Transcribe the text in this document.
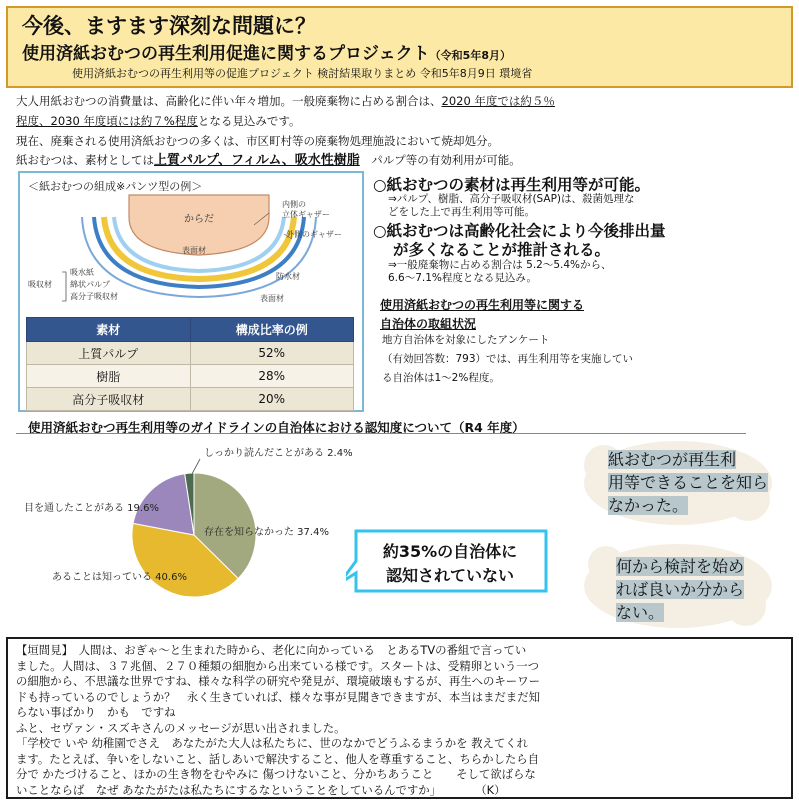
今後、ますます深刻な問題に？
使用済紙おむつの再生利用促進に関するプロジェクト（令和5年8月）
使用済紙おむつの再生利用等の促進プロジェクト 検討結果取りまとめ 令和5年8月9日 環境省
大人用紙おむつの消費量は、高齢化に伴い年々増加。一般廃棄物に占める割合は、2020 年度では約５％
程度、2030 年度頃には約７%程度となる見込みです。
現在、廃棄される使用済紙おむつの多くは、市区町村等の廃棄物処理施設において焼却処分。
紙おむつは、素材としては上質パルプ、フィルム、吸水性樹脂　パルプ等の有効利用が可能。
＜紙おむつの組成※パンツ型の例＞
からだ
内側の
立体ギャザー
外側のギャザー
防水材
表面材
表面材
吸水紙
綿状パルプ
高分子吸収材
吸収材
素材	構成比率の例
上質パルプ	52%
樹脂	28%
高分子吸収材	20%
○紙おむつの素材は再生利用等が可能。
⇒パルプ、樹脂、高分子吸収材(SAP)は、殺菌処理な
どをした上で再生利用等可能。
○紙おむつは高齢化社会により今後排出量
が多くなることが推計される。
⇒一般廃棄物に占める割合は 5.2～5.4%から、
6.6～7.1%程度となる見込み。
使用済紙おむつの再生利用等に関する
自治体の取組状況
地方自治体を対象にしたアンケート
（有効回答数：793）では、再生利用等を実施してい
る自治体は1～2%程度。
使用済紙おむつ再生利用等のガイドラインの自治体における認知度について（R4 年度）
存在を知らなかった 37.4%
あることは知っている 40.6%
目を通したことがある 19.6%
しっかり読んだことがある 2.4%
約35%の自治体に
認知されていない
紙おむつが再生利
用等できることを知ら
なかった。
何から検討を始め
れば良いか分から
ない。

【垣間見】　人間は、おぎゃ～と生まれた時から、老化に向かっている　とあるTVの番組で言ってい

ました。人間は、３７兆個、２７０種類の細胞から出来ている様です。スタートは、受精卵という一つ

の細胞から、不思議な世界ですね、様々な科学の研究や発見が、環境破壊もするが、再生へのキーワー

ドも持っているのでしょうか？　永く生きていれば、様々な事が見聞きできますが、本当はまだまだ知

らない事ばかり　かも　ですね

ふと、セヴァン・スズキさんのメッセージが思い出されました。

「学校で いや 幼稚園でさえ　あなたがた大人は私たちに、世のなかでどうふるまうかを 教えてくれ

ます。たとえば、争いをしないこと、話しあいで解決すること、他人を尊重すること、ちらかしたら自

分で かたづけること、ほかの生き物をむやみに 傷つけないこと、分かちあうこと　　そして欲ばらな

いことならば　なぜ あなたがたは私たちにするなということをしているんですか」　　　　（K）
